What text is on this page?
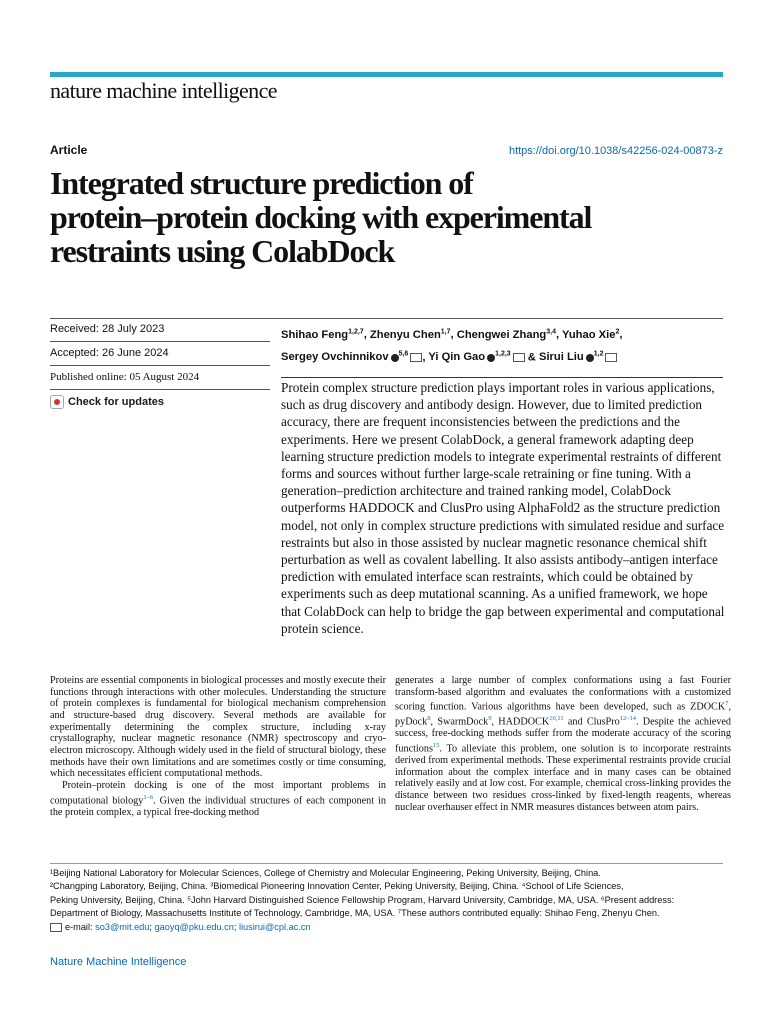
nature machine intelligence
Article	https://doi.org/10.1038/s42256-024-00873-z
Integrated structure prediction of
protein–protein docking with experimental
restraints using ColabDock
Received: 28 July 2023
Accepted: 26 June 2024
Published online: 05 August 2024
Check for updates
Shihao Feng$^{1,2,7}$, Zhenyu Chen$^{1,7}$, Chengwei Zhang$^{3,4}$, Yuhao Xie$^2$,
Sergey Ovchinnikov $^{5,6}$ , Yi Qin Gao $^{1,2,3}$ & Sirui Liu $^{1,2}$

Protein complex structure prediction plays important roles in various applications, such as drug discovery and antibody design. However, due to limited prediction accuracy, there are frequent inconsistencies between the predictions and the experiments. Here we present ColabDock, a general framework adapting deep learning structure prediction models to integrate experimental restraints of different forms and sources without further large-scale retraining or fine tuning. With a generation–prediction architecture and trained ranking model, ColabDock outperforms HADDOCK and ClusPro using AlphaFold2 as the structure prediction model, not only in complex structure predictions with simulated residue and surface restraints but also in those assisted by nuclear magnetic resonance chemical shift perturbation as well as covalent labelling. It also assists antibody–antigen interface prediction with emulated interface scan restraints, which could be obtained by experiments such as deep mutational scanning. As a unified framework, we hope that ColabDock can help to bridge the gap between experimental and computational protein science.

Proteins are essential components in biological processes and mostly execute their functions through interactions with other molecules. Understanding the structure of protein complexes is fundamental for biological mechanism comprehension and structure-based drug discovery. Several methods are available for experimentally determining the complex structure, including x-ray crystallography, nuclear magnetic resonance (NMR) spectroscopy and cryo-electron microscopy. Although widely used in the field of structural biology, these methods have their own limitations and are sometimes costly or time consuming, which necessitates efficient computational methods.

Protein–protein docking is one of the most important problems in computational biology$^{1-6}$. Given the individual structures of each component in the protein complex, a typical free-docking method

generates a large number of complex conformations using a fast Fourier transform-based algorithm and evaluates the conformations with a customized scoring function. Various algorithms have been developed, such as ZDOCK$^7$, pyDock$^8$, SwarmDock$^9$, HADDOCK$^{10,11}$ and ClusPro$^{12-14}$. Despite the achieved success, free-docking methods suffer from the moderate accuracy of the scoring functions$^{15}$. To alleviate this problem, one solution is to incorporate restraints derived from experimental methods. These experimental restraints provide crucial information about the complex interface and in many cases can be obtained relatively easily and at low cost. For example, chemical cross-linking provides the distance between two residues cross-linked by fixed-length reagents, whereas nuclear overhauser effect in NMR measures distances between atom pairs.

¹Beijing National Laboratory for Molecular Sciences, College of Chemistry and Molecular Engineering, Peking University, Beijing, China.

²Changping Laboratory, Beijing, China. ³Biomedical Pioneering Innovation Center, Peking University, Beijing, China. ⁴School of Life Sciences,

Peking University, Beijing, China. ⁵John Harvard Distinguished Science Fellowship Program, Harvard University, Cambridge, MA, USA. ⁶Present address:

Department of Biology, Massachusetts Institute of Technology, Cambridge, MA, USA. ⁷These authors contributed equally: Shihao Feng, Zhenyu Chen.

e-mail: so3@mit.edu; gaoyq@pku.edu.cn; liusirui@cpl.ac.cn

Nature Machine Intelligence
